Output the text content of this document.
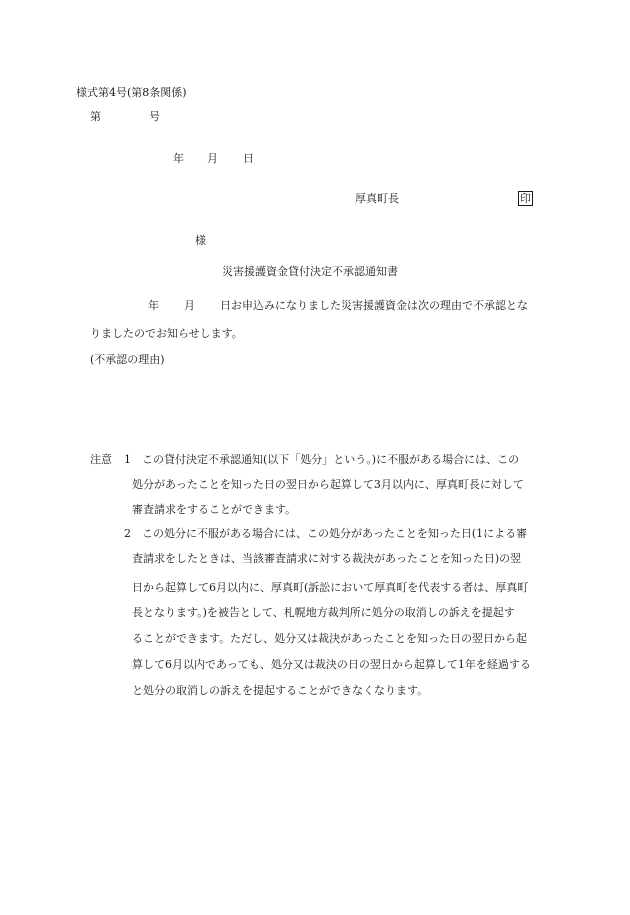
様式第4号(第8条関係)
第	号
年 月 日
厚真町長	印
様
災害援護資金貸付決定不承認通知書
年 月 日お申込みになりました災害援護資金は次の理由で不承認とな
りましたのでお知らせします。
(不承認の理由)
注意 1 この貸付決定不承認通知(以下「処分」という。)に不服がある場合には、この
処分があったことを知った日の翌日から起算して3月以内に、厚真町長に対して
審査請求をすることができます。
2 この処分に不服がある場合には、この処分があったことを知った日(1による審
査請求をしたときは、当該審査請求に対する裁決があったことを知った日)の翌
日から起算して6月以内に、厚真町(訴訟において厚真町を代表する者は、厚真町
長となります。)を被告として、札幌地方裁判所に処分の取消しの訴えを提起す
ることができます。ただし、処分又は裁決があったことを知った日の翌日から起
算して6月以内であっても、処分又は裁決の日の翌日から起算して1年を経過する
と処分の取消しの訴えを提起することができなくなります。
